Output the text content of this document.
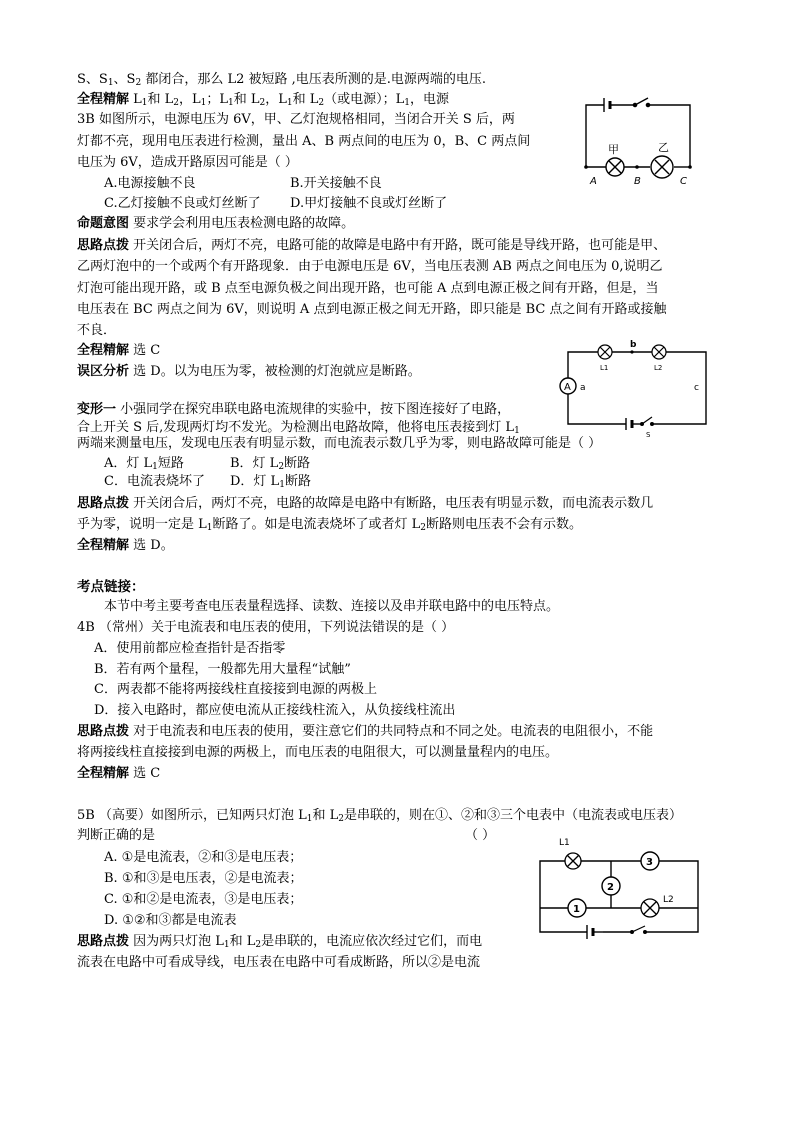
S、$S_1$、$S_2$ 都闭合，那么 L2 被短路 ,电压表所测的是.电源两端的电压.
全程精解 $L_1$和 $L_2$，$L_1$；$L_1$和 $L_2$，$L_1$和 $L_2$（或电源）；$L_1$，电源
3B 如图所示，电源电压为 6V，甲、乙灯泡规格相同，当闭合开关 S 后，两
灯都不亮，现用电压表进行检测，量出 A、B 两点间的电压为 0，B、C 两点间
电压为 6V，造成开路原因可能是（ ）
A.电源接触不良	B.开关接触不良
C.乙灯接触不良或灯丝断了 D.甲灯接触不良或灯丝断了
命题意图 要求学会利用电压表检测电路的故障。
思路点拨 开关闭合后，两灯不亮，电路可能的故障是电路中有开路，既可能是导线开路，也可能是甲、
乙两灯泡中的一个或两个有开路现象．由于电源电压是 6V，当电压表测 AB 两点之间电压为 0,说明乙
灯泡可能出现开路，或 B 点至电源负极之间出现开路，也可能 A 点到电源正极之间有开路，但是，当
电压表在 BC 两点之间为 6V，则说明 A 点到电源正极之间无开路，即只能是 BC 点之间有开路或接触
不良．
全程精解 选 C
误区分析 选 D。以为电压为零，被检测的灯泡就应是断路。
变形一 小强同学在探究串联电路电流规律的实验中，按下图连接好了电路，
合上开关 S 后,发现两灯均不发光。为检测出电路故障，他将电压表接到灯 $L_1$
两端来测量电压，发现电压表有明显示数，而电流表示数几乎为零，则电路故障可能是（ ）
A．灯 $L_1$短路	B．灯 $L_2$断路
C．电流表烧坏了 D．灯 $L_1$断路
思路点拨 开关闭合后，两灯不亮，电路的故障是电路中有断路，电压表有明显示数，而电流表示数几
乎为零，说明一定是 $L_1$断路了。如是电流表烧坏了或者灯 $L_2$断路则电压表不会有示数。
全程精解 选 D。
考点链接：
本节中考主要考查电压表量程选择、读数、连接以及串并联电路中的电压特点。
4B （常州）关于电流表和电压表的使用，下列说法错误的是（ ）
A．使用前都应检查指针是否指零
B．若有两个量程，一般都先用大量程“试触”
C．两表都不能将两接线柱直接接到电源的两极上
D．接入电路时，都应使电流从正接线柱流入，从负接线柱流出
思路点拨 对于电流表和电压表的使用，要注意它们的共同特点和不同之处。电流表的电阻很小，不能
将两接线柱直接接到电源的两极上，而电压表的电阻很大，可以测量量程内的电压。
全程精解 选 C
5B （高要）如图所示，已知两只灯泡 $L_1$和 $L_2$是串联的，则在①、②和③三个电表中（电流表或电压表）
判断正确的是	（ ）
A. ①是电流表，②和③是电压表；
B. ①和③是电压表，②是电流表；
C. ①和②是电流表，③是电压表；
D. ①②和③都是电流表
思路点拨 因为两只灯泡 $L_1$和 $L_2$是串联的，电流应依次经过它们，而电
流表在电路中可看成导线，电压表在电路中可看成断路，所以②是电流
甲	乙
A	B	C
A a
b
L1	L2
c
S
L1
3
2
1
L2
